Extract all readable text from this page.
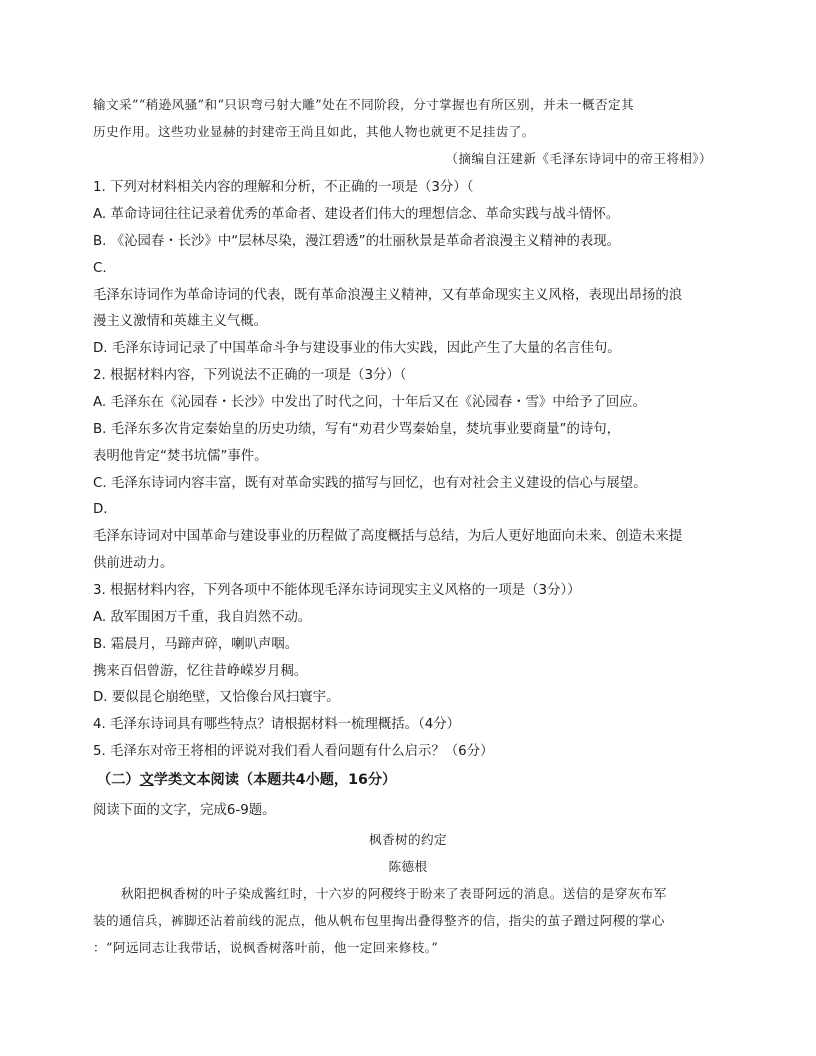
输文采”“稍逊风骚”和“只识弯弓射大雕”处在不同阶段，分寸掌握也有所区别，并未一概否定其
历史作用。这些功业显赫的封建帝王尚且如此，其他人物也就更不足挂齿了。
（摘编自汪建新《毛泽东诗词中的帝王将相》）
1. 下列对材料相关内容的理解和分析，不正确的一项是（3分）（
A. 革命诗词往往记录着优秀的革命者、建设者们伟大的理想信念、革命实践与战斗情怀。
B. 《沁园春・长沙》中“层林尽染，漫江碧透”的壮丽秋景是革命者浪漫主义精神的表现。
C.
毛泽东诗词作为革命诗词的代表，既有革命浪漫主义精神，又有革命现实主义风格，表现出昂扬的浪
漫主义激情和英雄主义气概。
D. 毛泽东诗词记录了中国革命斗争与建设事业的伟大实践，因此产生了大量的名言佳句。
2. 根据材料内容，下列说法不正确的一项是（3分）（
A. 毛泽东在《沁园春・长沙》中发出了时代之问，十年后又在《沁园春・雪》中给予了回应。
B. 毛泽东多次肯定秦始皇的历史功绩，写有“劝君少骂秦始皇，焚坑事业要商量”的诗句，
表明他肯定“焚书坑儒”事件。
C. 毛泽东诗词内容丰富，既有对革命实践的描写与回忆，也有对社会主义建设的信心与展望。
D.
毛泽东诗词对中国革命与建设事业的历程做了高度概括与总结，为后人更好地面向未来、创造未来提
供前进动力。
3. 根据材料内容，下列各项中不能体现毛泽东诗词现实主义风格的一项是（3分））
A. 敌军围困万千重，我自岿然不动。
B. 霜晨月，马蹄声碎，喇叭声咽。
携来百侣曾游，忆往昔峥嵘岁月稠。
D. 要似昆仑崩绝壁，又恰像台风扫寰宇。
4. 毛泽东诗词具有哪些特点？请根据材料一梳理概括。（4分）
5. 毛泽东对帝王将相的评说对我们看人看问题有什么启示？（6分）
（二）文学类文本阅读（本题共4小题，16分）
阅读下面的文字，完成6-9题。
枫香树的约定
陈德根
秋阳把枫香树的叶子染成酱红时，十六岁的阿稷终于盼来了表哥阿远的消息。送信的是穿灰布军
装的通信兵，裤脚还沾着前线的泥点，他从帆布包里掏出叠得整齐的信，指尖的茧子蹭过阿稷的掌心
：“阿远同志让我带话，说枫香树落叶前，他一定回来修枝。”
